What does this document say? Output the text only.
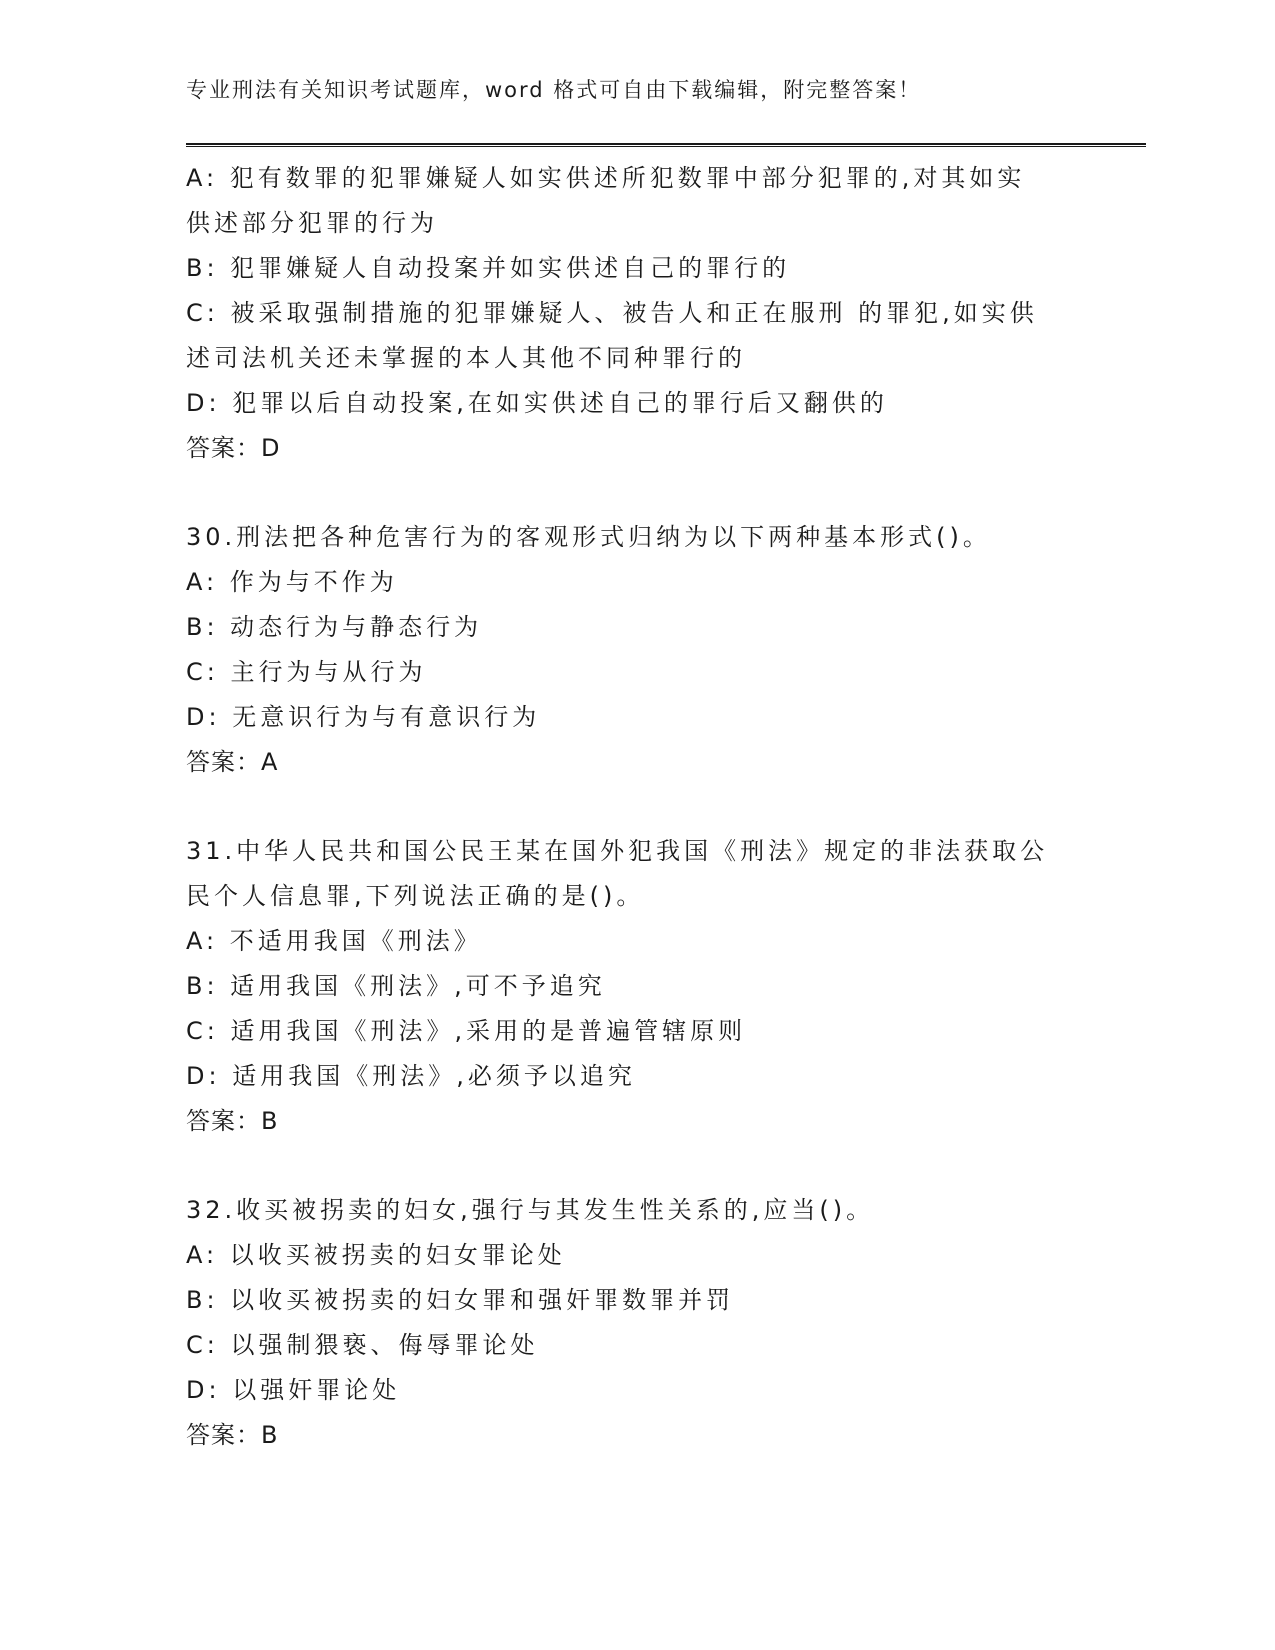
专业刑法有关知识考试题库，word 格式可自由下载编辑，附完整答案！
A: 犯有数罪的犯罪嫌疑人如实供述所犯数罪中部分犯罪的,对其如实
供述部分犯罪的行为
B: 犯罪嫌疑人自动投案并如实供述自己的罪行的
C: 被采取强制措施的犯罪嫌疑人、被告人和正在服刑 的罪犯,如实供
述司法机关还未掌握的本人其他不同种罪行的
D: 犯罪以后自动投案,在如实供述自己的罪行后又翻供的
答案：D
30.刑法把各种危害行为的客观形式归纳为以下两种基本形式()。
A: 作为与不作为
B: 动态行为与静态行为
C: 主行为与从行为
D: 无意识行为与有意识行为
答案：A
31.中华人民共和国公民王某在国外犯我国《刑法》规定的非法获取公
民个人信息罪,下列说法正确的是()。
A: 不适用我国《刑法》
B: 适用我国《刑法》,可不予追究
C: 适用我国《刑法》,采用的是普遍管辖原则
D: 适用我国《刑法》,必须予以追究
答案：B
32.收买被拐卖的妇女,强行与其发生性关系的,应当()。
A: 以收买被拐卖的妇女罪论处
B: 以收买被拐卖的妇女罪和强奸罪数罪并罚
C: 以强制猥亵、侮辱罪论处
D: 以强奸罪论处
答案：B
